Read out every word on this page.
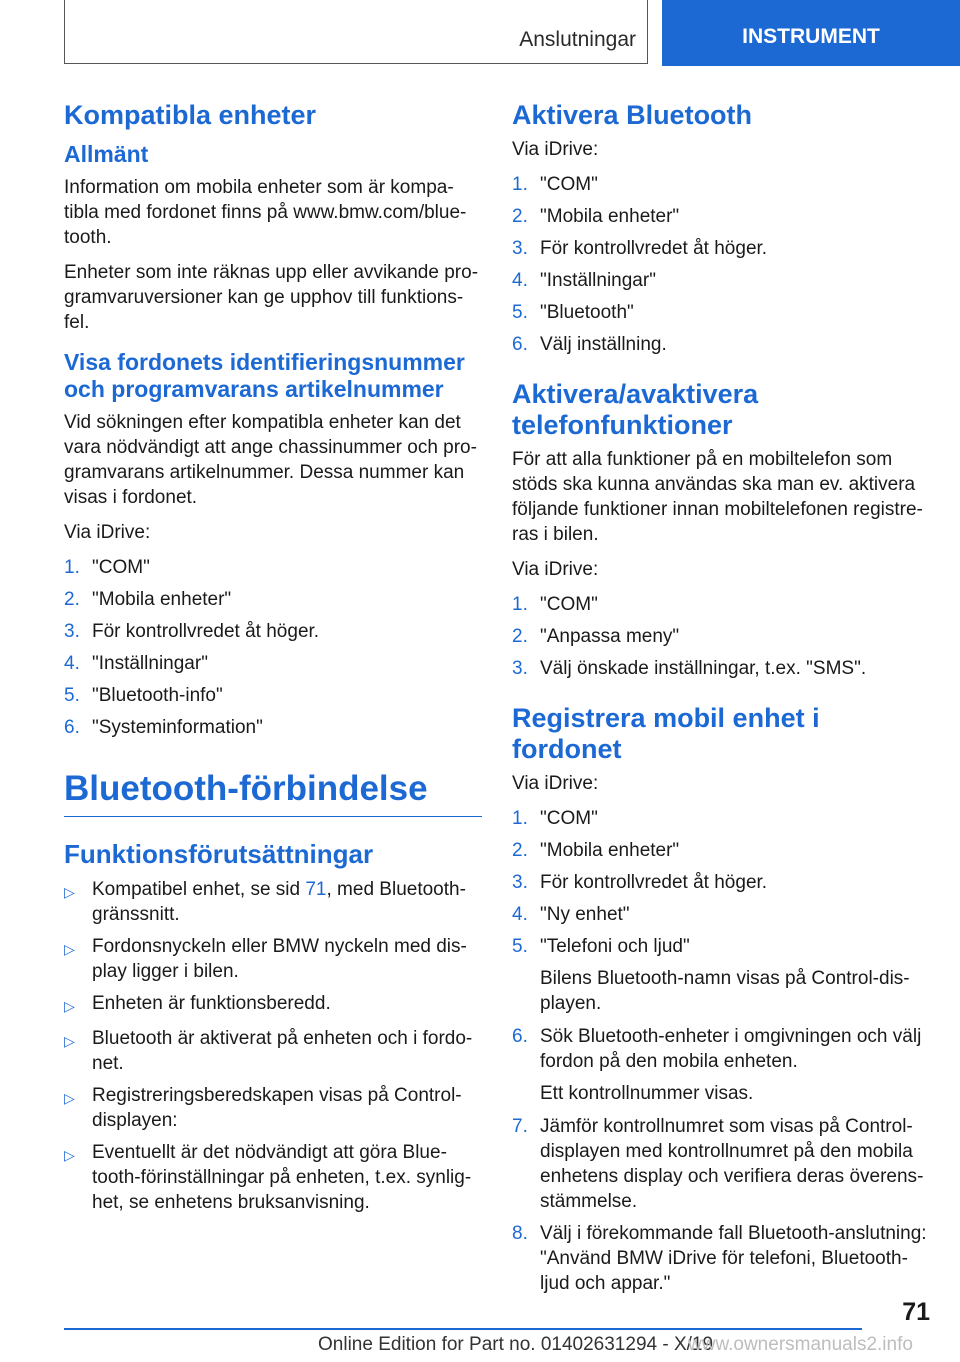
Anslutningar	INSTRUMENT
Kompatibla enheter
Allmänt

Information om mobila enheter som är kompatibla med fordonet finns på www.bmw.com/bluetooth.

Enheter som inte räknas upp eller avvikande programvaruversioner kan ge upphov till funktionsfel.

Visa fordonets identifieringsnummer och programvarans artikelnummer

Vid sökningen efter kompatibla enheter kan det vara nödvändigt att ange chassinummer och programvarans artikelnummer. Dessa nummer kan visas i fordonet.

Via iDrive:

1. "COM"
2. "Mobila enheter"
3. För kontrollvredet åt höger.
4. "Inställningar"
5. "Bluetooth-info"
6. "Systeminformation"
Bluetooth-förbindelse
Funktionsförutsättningar
▷ Kompatibel enhet, se sid 71, med Bluetooth-gränssnitt.
▷ Fordonsnyckeln eller BMW nyckeln med display ligger i bilen.
▷ Enheten är funktionsberedd.
▷ Bluetooth är aktiverat på enheten och i fordonet.
▷ Registreringsberedskapen visas på Control-displayen:
▷ Eventuellt är det nödvändigt att göra Bluetooth-förinställningar på enheten, t.ex. synlighet, se enhetens bruksanvisning.
Aktivera Bluetooth

Via iDrive:

1. "COM"
2. "Mobila enheter"
3. För kontrollvredet åt höger.
4. "Inställningar"
5. "Bluetooth"
6. Välj inställning.
Aktivera/avaktivera telefonfunktioner

För att alla funktioner på en mobiltelefon som stöds ska kunna användas ska man ev. aktivera följande funktioner innan mobiltelefonen registreras i bilen.

Via iDrive:

1. "COM"
2. "Anpassa meny"
3. Välj önskade inställningar, t.ex. "SMS".
Registrera mobil enhet i fordonet

Via iDrive:

1. "COM"
2. "Mobila enheter"
3. För kontrollvredet åt höger.
4. "Ny enhet"
5. "Telefoni och ljud"
Bilens Bluetooth-namn visas på Control-displayen.
6. Sök Bluetooth-enheter i omgivningen och välj fordon på den mobila enheten.
Ett kontrollnummer visas.
7. Jämför kontrollnumret som visas på Control-displayen med kontrollnumret på den mobila enhetens display och verifiera deras överensstämmelse.
8. Välj i förekommande fall Bluetooth-anslutning: "Använd BMW iDrive för telefoni, Bluetooth-ljud och appar."
71
Online Edition for Part no. 01402631294 - X/19
www.ownersmanuals2.info
